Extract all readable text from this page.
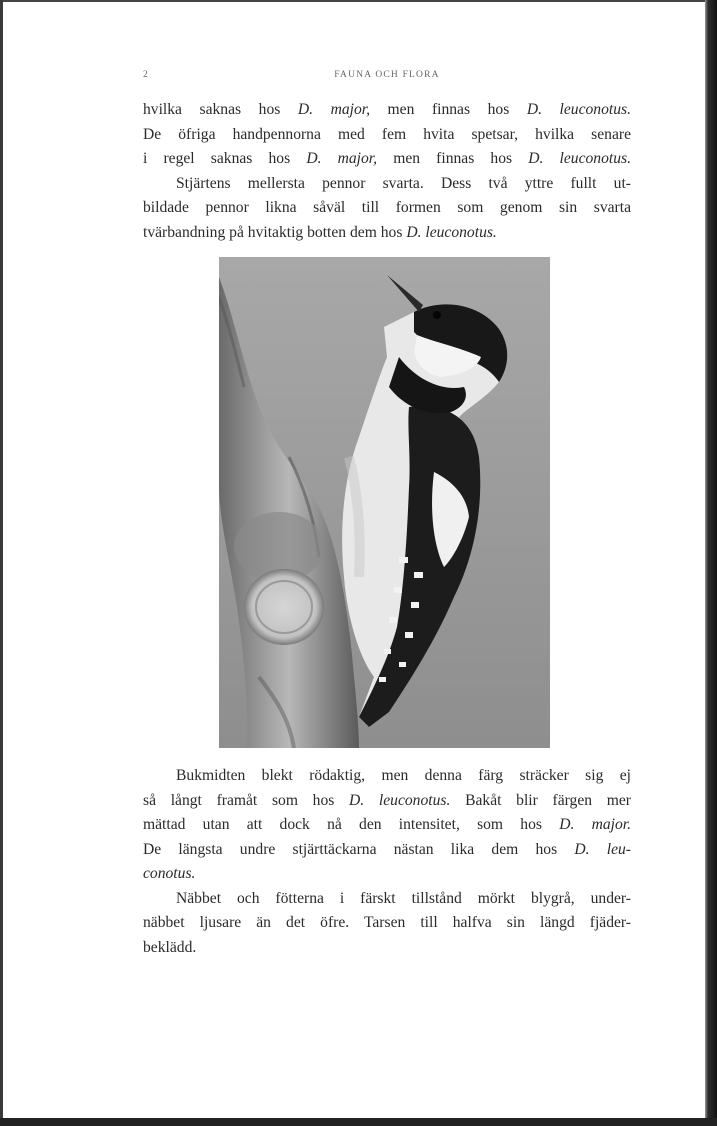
2	FAUNA OCH FLORA
hvilka saknas hos D. major, men finnas hos D. leuconotus.
De öfriga handpennorna med fem hvita spetsar, hvilka senare
i regel saknas hos D. major, men finnas hos D. leuconotus.
Stjärtens mellersta pennor svarta. Dess två yttre fullt ut-
bildade pennor likna såväl till formen som genom sin svarta
tvärbandning på hvitaktig botten dem hos D. leuconotus.
Bukmidten blekt rödaktig, men denna färg sträcker sig ej
så långt framåt som hos D. leuconotus. Bakåt blir färgen mer
mättad utan att dock nå den intensitet, som hos D. major.
De längsta undre stjärttäckarna nästan lika dem hos D. leu-
conotus.
Näbbet och fötterna i färskt tillstånd mörkt blygrå, under-
näbbet ljusare än det öfre. Tarsen till halfva sin längd fjäder-
beklädd.
